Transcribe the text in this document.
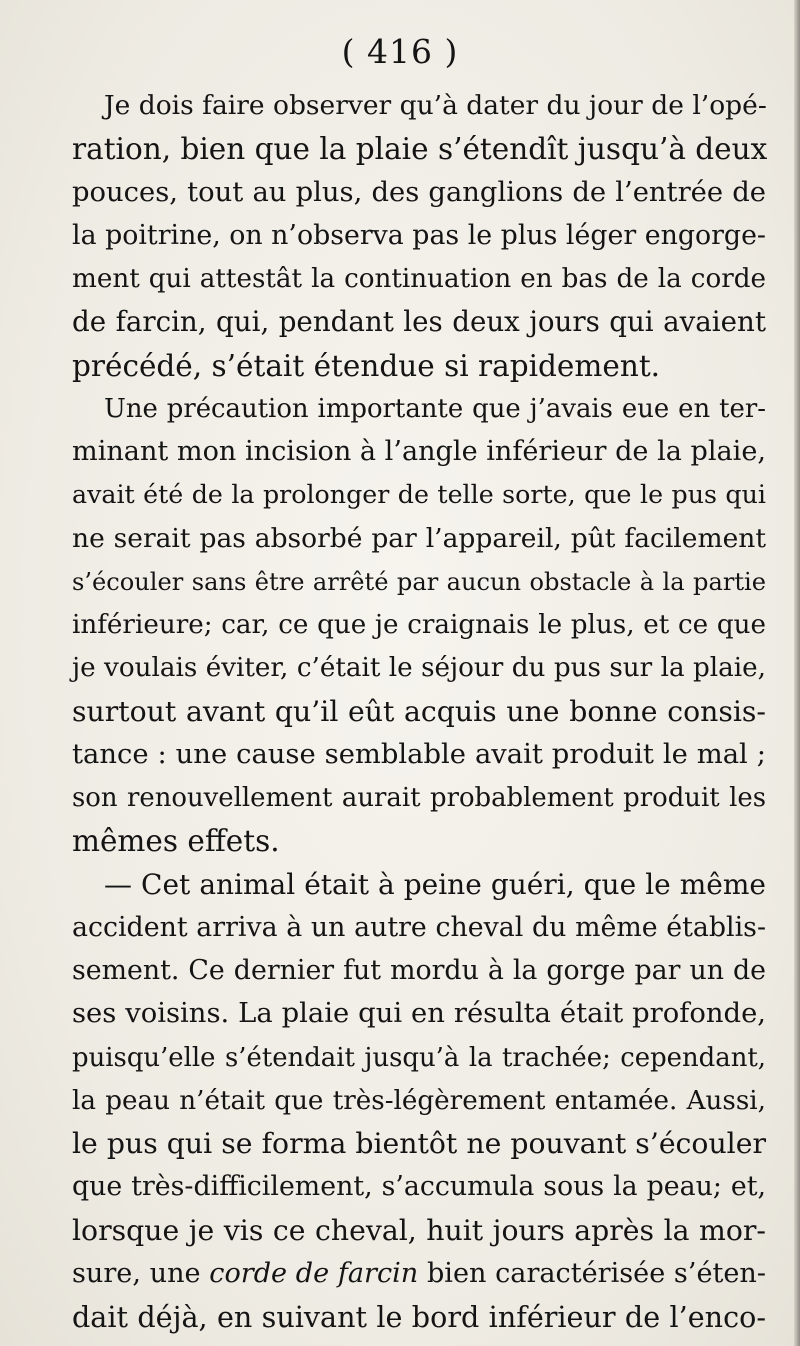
( 416 )
Je dois faire observer qu’à dater du jour de l’opé-
ration, bien que la plaie s’étendît jusqu’à deux
pouces, tout au plus, des ganglions de l’entrée de
la poitrine, on n’observa pas le plus léger engorge-
ment qui attestât la continuation en bas de la corde
de farcin, qui, pendant les deux jours qui avaient
précédé, s’était étendue si rapidement.
Une précaution importante que j’avais eue en ter-
minant mon incision à l’angle inférieur de la plaie,
avait été de la prolonger de telle sorte, que le pus qui
ne serait pas absorbé par l’appareil, pût facilement
s’écouler sans être arrêté par aucun obstacle à la partie
inférieure; car, ce que je craignais le plus, et ce que
je voulais éviter, c’était le séjour du pus sur la plaie,
surtout avant qu’il eût acquis une bonne consis-
tance : une cause semblable avait produit le mal ;
son renouvellement aurait probablement produit les
mêmes effets.
— Cet animal était à peine guéri, que le même
accident arriva à un autre cheval du même établis-
sement. Ce dernier fut mordu à la gorge par un de
ses voisins. La plaie qui en résulta était profonde,
puisqu’elle s’étendait jusqu’à la trachée; cependant,
la peau n’était que très-légèrement entamée. Aussi,
le pus qui se forma bientôt ne pouvant s’écouler
que très-difficilement, s’accumula sous la peau; et,
lorsque je vis ce cheval, huit jours après la mor-
sure, une corde de farcin bien caractérisée s’éten-
dait déjà, en suivant le bord inférieur de l’enco-
